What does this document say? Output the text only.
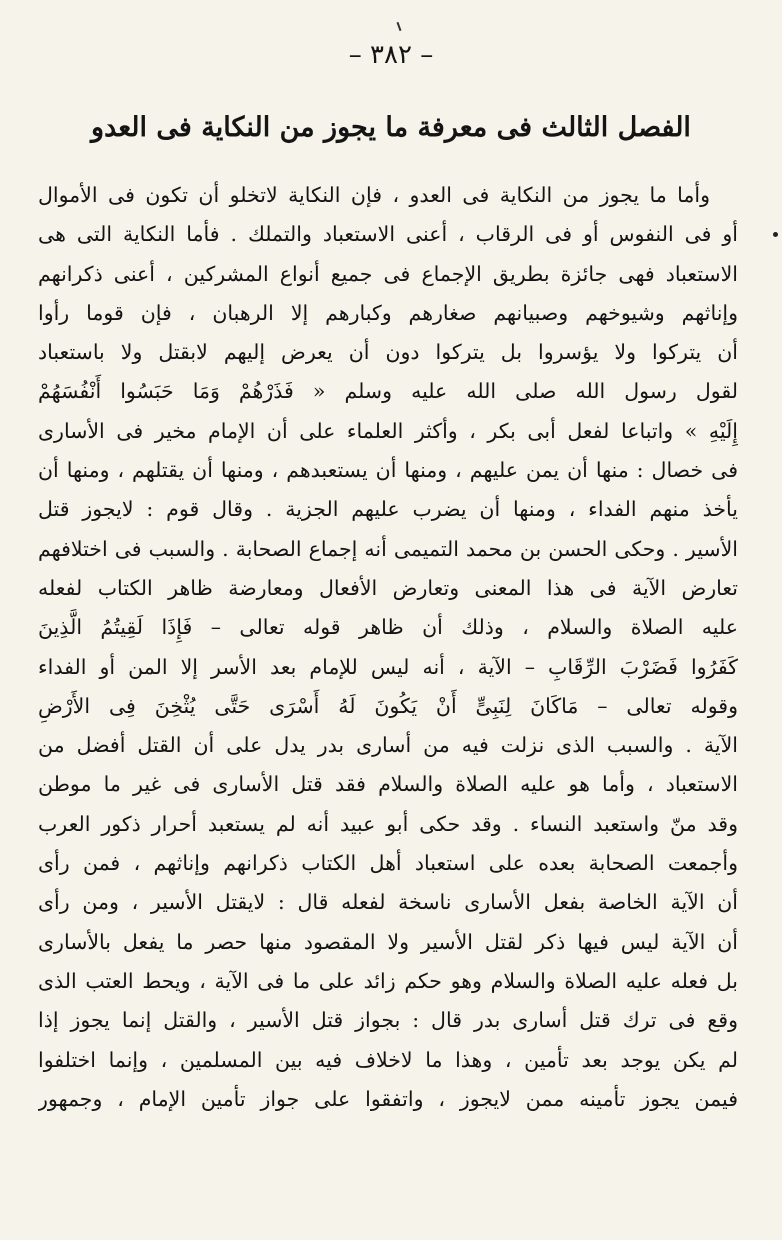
– ٣٨٢ –
الفصل الثالث فى معرفة ما يجوز من النكاية فى العدو
وأما ما يجوز من النكاية فى العدو ، فإن النكاية لاتخلو أن تكون فى الأموال
أو فى النفوس أو فى الرقاب ، أعنى الاستعباد والتملك . فأما النكاية التى هى
الاستعباد فهى جائزة بطريق الإجماع فى جميع أنواع المشركين ، أعنى ذكرانهم
وإناثهم وشيوخهم وصبيانهم صغارهم وكبارهم إلا الرهبان ، فإن قوما رأوا
أن يتركوا ولا يؤسروا بل يتركوا دون أن يعرض إليهم لابقتل ولا باستعباد
لقول رسول الله صلى الله عليه وسلم « فَذَرْهُمْ وَمَا حَبَسُوا أَنْفُسَهُمْ
إِلَيْهِ » واتباعا لفعل أبى بكر ، وأكثر العلماء على أن الإمام مخير فى الأسارى
فى خصال : منها أن يمن عليهم ، ومنها أن يستعبدهم ، ومنها أن يقتلهم ، ومنها أن
يأخذ منهم الفداء ، ومنها أن يضرب عليهم الجزية . وقال قوم : لايجوز قتل
الأسير . وحكى الحسن بن محمد التميمى أنه إجماع الصحابة . والسبب فى اختلافهم
تعارض الآية فى هذا المعنى وتعارض الأفعال ومعارضة ظاهر الكتاب لفعله
عليه الصلاة والسلام ، وذلك أن ظاهر قوله تعالى – فَإِذَا لَقِيتُمُ الَّذِينَ
كَفَرُوا فَضَرْبَ الرِّقَابِ – الآية ، أنه ليس للإمام بعد الأسر إلا المن أو الفداء
وقوله تعالى – مَاكَانَ لِنَبِىٍّ أَنْ يَكُونَ لَهُ أَسْرَى حَتَّى يُثْخِنَ فِى الأَرْضِ
الآية . والسبب الذى نزلت فيه من أسارى بدر يدل على أن القتل أفضل من
الاستعباد ، وأما هو عليه الصلاة والسلام فقد قتل الأسارى فى غير ما موطن
وقد منّ واستعبد النساء . وقد حكى أبو عبيد أنه لم يستعبد أحرار ذكور العرب
وأجمعت الصحابة بعده على استعباد أهل الكتاب ذكرانهم وإناثهم ، فمن رأى
أن الآية الخاصة بفعل الأسارى ناسخة لفعله قال : لايقتل الأسير ، ومن رأى
أن الآية ليس فيها ذكر لقتل الأسير ولا المقصود منها حصر ما يفعل بالأسارى
بل فعله عليه الصلاة والسلام وهو حكم زائد على ما فى الآية ، ويحط العتب الذى
وقع فى ترك قتل أسارى بدر قال : بجواز قتل الأسير ، والقتل إنما يجوز إذا
لم يكن يوجد بعد تأمين ، وهذا ما لاخلاف فيه بين المسلمين ، وإنما اختلفوا
فيمن يجوز تأمينه ممن لايجوز ، واتفقوا على جواز تأمين الإمام ، وجمهور
